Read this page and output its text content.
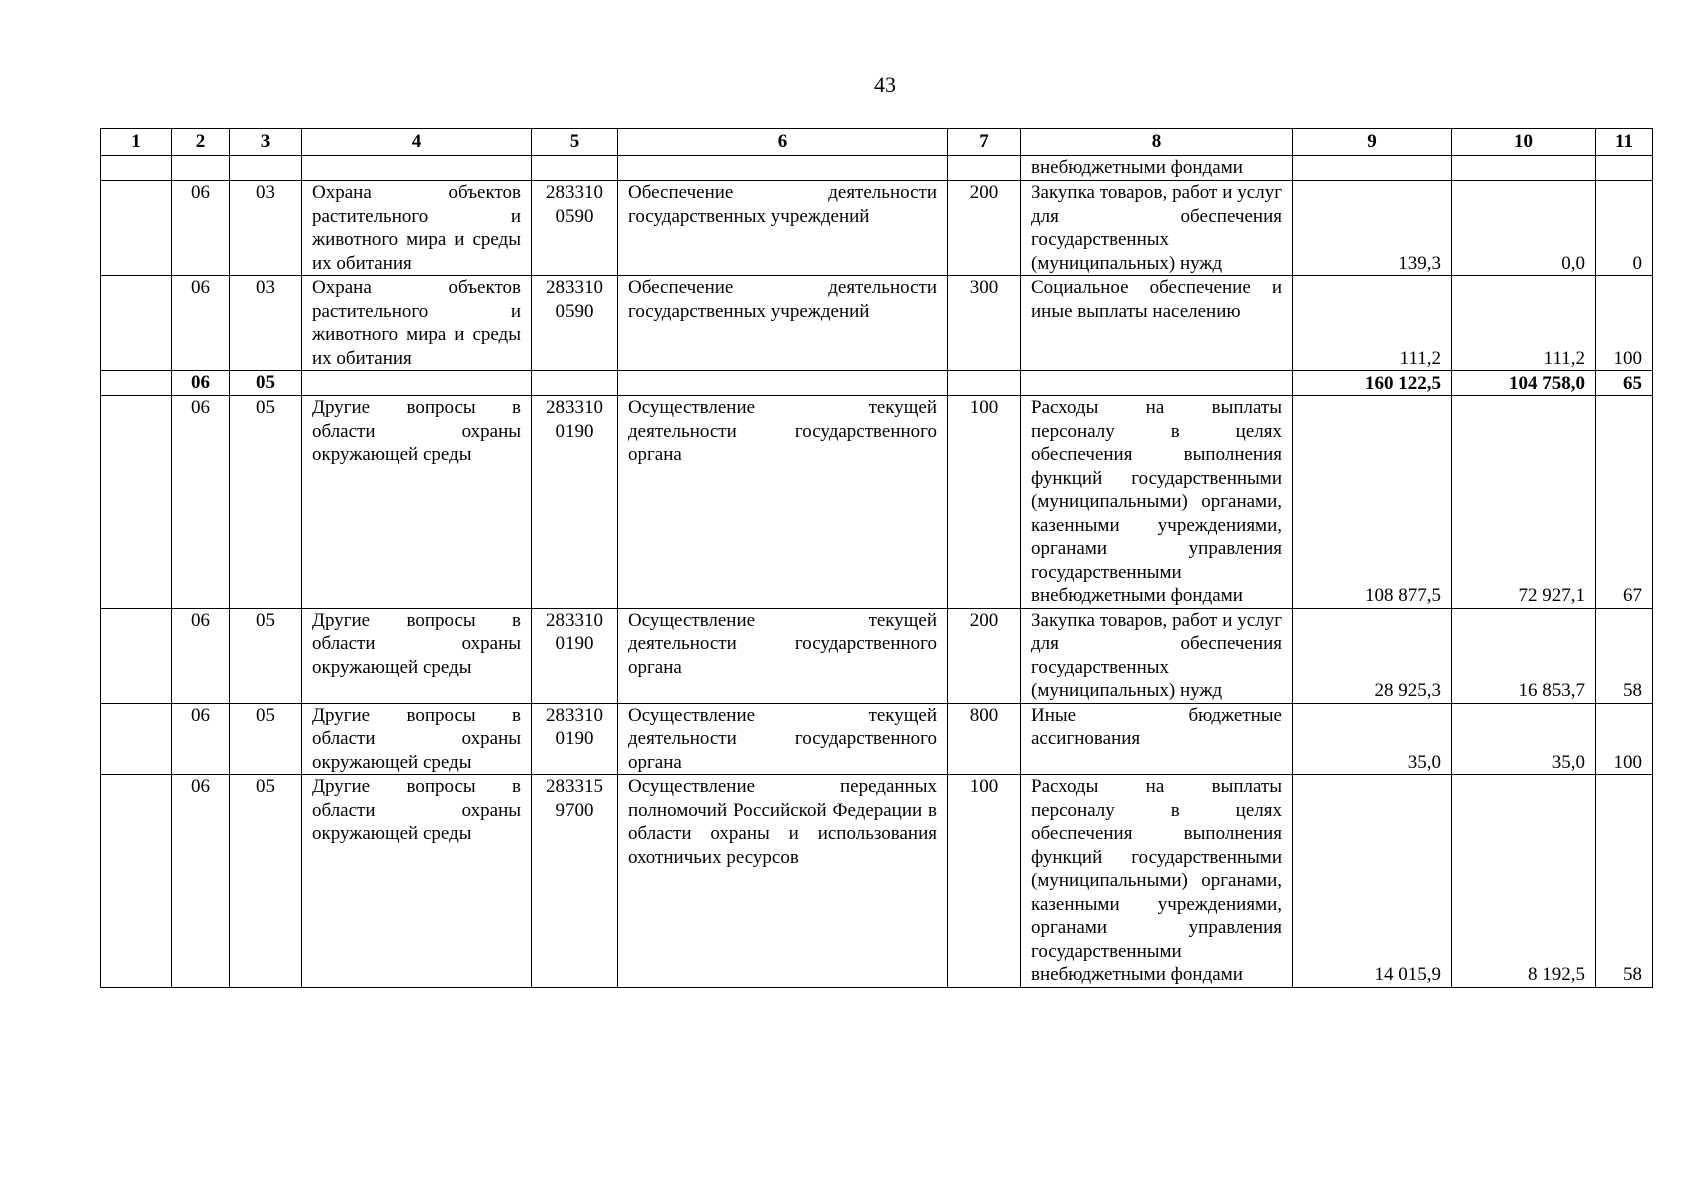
43
1	2	3	4	5	6	7	8	9	10	11
							внебюджетными фондами			
	06	03	Охрана объектов растительного и животного мира и среды их обитания	2833100590	Обеспечение деятельности государственных учреждений	200	Закупка товаров, работ и услуг для обеспечения государственных (муниципальных) нужд	139,3	0,0	0
	06	03	Охрана объектов растительного и животного мира и среды их обитания	2833100590	Обеспечение деятельности государственных учреждений	300	Социальное обеспечение и иные выплаты населению	111,2	111,2	100
	06	05						160 122,5	104 758,0	65
	06	05	Другие вопросы в области охраны окружающей среды	2833100190	Осуществление текущей деятельности государственного органа	100	Расходы на выплаты персоналу в целях обеспечения выполнения функций государственными (муниципальными) органами, казенными учреждениями, органами управления государственными внебюджетными фондами	108 877,5	72 927,1	67
	06	05	Другие вопросы в области охраны окружающей среды	2833100190	Осуществление текущей деятельности государственного органа	200	Закупка товаров, работ и услуг для обеспечения государственных (муниципальных) нужд	28 925,3	16 853,7	58
	06	05	Другие вопросы в области охраны окружающей среды	2833100190	Осуществление текущей деятельности государственного органа	800	Иные бюджетные ассигнования	35,0	35,0	100
	06	05	Другие вопросы в области охраны окружающей среды	2833159700	Осуществление переданных полномочий Российской Федерации в области охраны и использования охотничьих ресурсов	100	Расходы на выплаты персоналу в целях обеспечения выполнения функций государственными (муниципальными) органами, казенными учреждениями, органами управления государственными внебюджетными фондами	14 015,9	8 192,5	58
